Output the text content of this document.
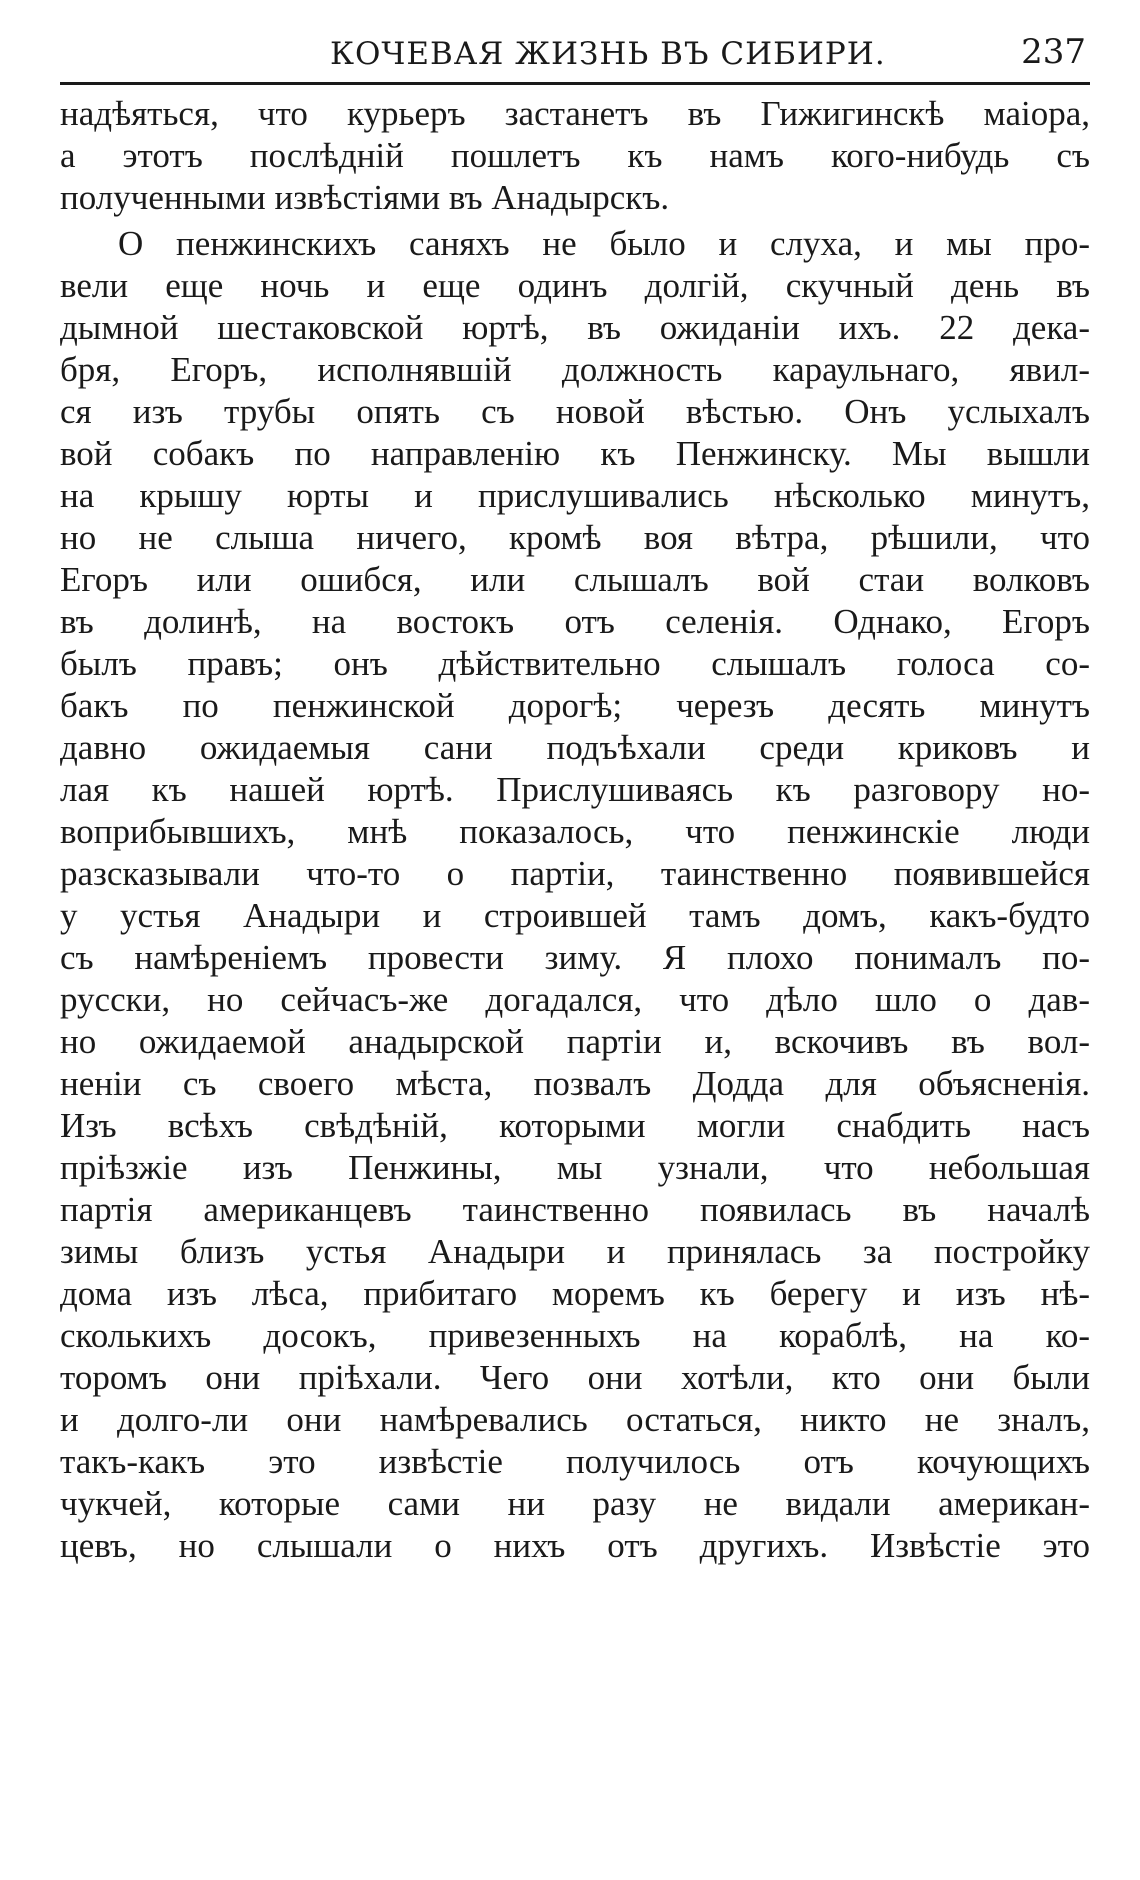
КОЧЕВАЯ ЖИЗНЬ ВЪ СИБИРИ.	237
надѣяться, что курьеръ застанетъ въ Гижигинскѣ маіора,
а этотъ послѣдній пошлетъ къ намъ кого-нибудь съ
полученными извѣстіями въ Анадырскъ.
О пенжинскихъ саняхъ не было и слуха, и мы про-
вели еще ночь и еще одинъ долгій, скучный день въ
дымной шестаковской юртѣ, въ ожиданіи ихъ. 22 дека-
бря, Егоръ, исполнявшій должность караульнаго, явил-
ся изъ трубы опять съ новой вѣстью. Онъ услыхалъ
вой собакъ по направленію къ Пенжинску. Мы вышли
на крышу юрты и прислушивались нѣсколько минутъ,
но не слыша ничего, кромѣ воя вѣтра, рѣшили, что
Егоръ или ошибся, или слышалъ вой стаи волковъ
въ долинѣ, на востокъ отъ селенія. Однако, Егоръ
былъ правъ; онъ дѣйствительно слышалъ голоса со-
бакъ по пенжинской дорогѣ; черезъ десять минутъ
давно ожидаемыя сани подъѣхали среди криковъ и
лая къ нашей юртѣ. Прислушиваясь къ разговору но-
воприбывшихъ, мнѣ показалось, что пенжинскіе люди
разсказывали что-то о партіи, таинственно появившейся
у устья Анадыри и строившей тамъ домъ, какъ-будто
съ намѣреніемъ провести зиму. Я плохо понималъ по-
русски, но сейчасъ-же догадался, что дѣло шло о дав-
но ожидаемой анадырской партіи и, вскочивъ въ вол-
неніи съ своего мѣста, позвалъ Додда для объясненія.
Изъ всѣхъ свѣдѣній, которыми могли снабдить насъ
пріѣзжіе изъ Пенжины, мы узнали, что небольшая
партія американцевъ таинственно появилась въ началѣ
зимы близъ устья Анадыри и принялась за постройку
дома изъ лѣса, прибитаго моремъ къ берегу и изъ нѣ-
сколькихъ досокъ, привезенныхъ на кораблѣ, на ко-
торомъ они пріѣхали. Чего они хотѣли, кто они были
и долго-ли они намѣревались остаться, никто не зналъ,
такъ-какъ это извѣстіе получилось отъ кочующихъ
чукчей, которые сами ни разу не видали американ-
цевъ, но слышали о нихъ отъ другихъ. Извѣстіе это
